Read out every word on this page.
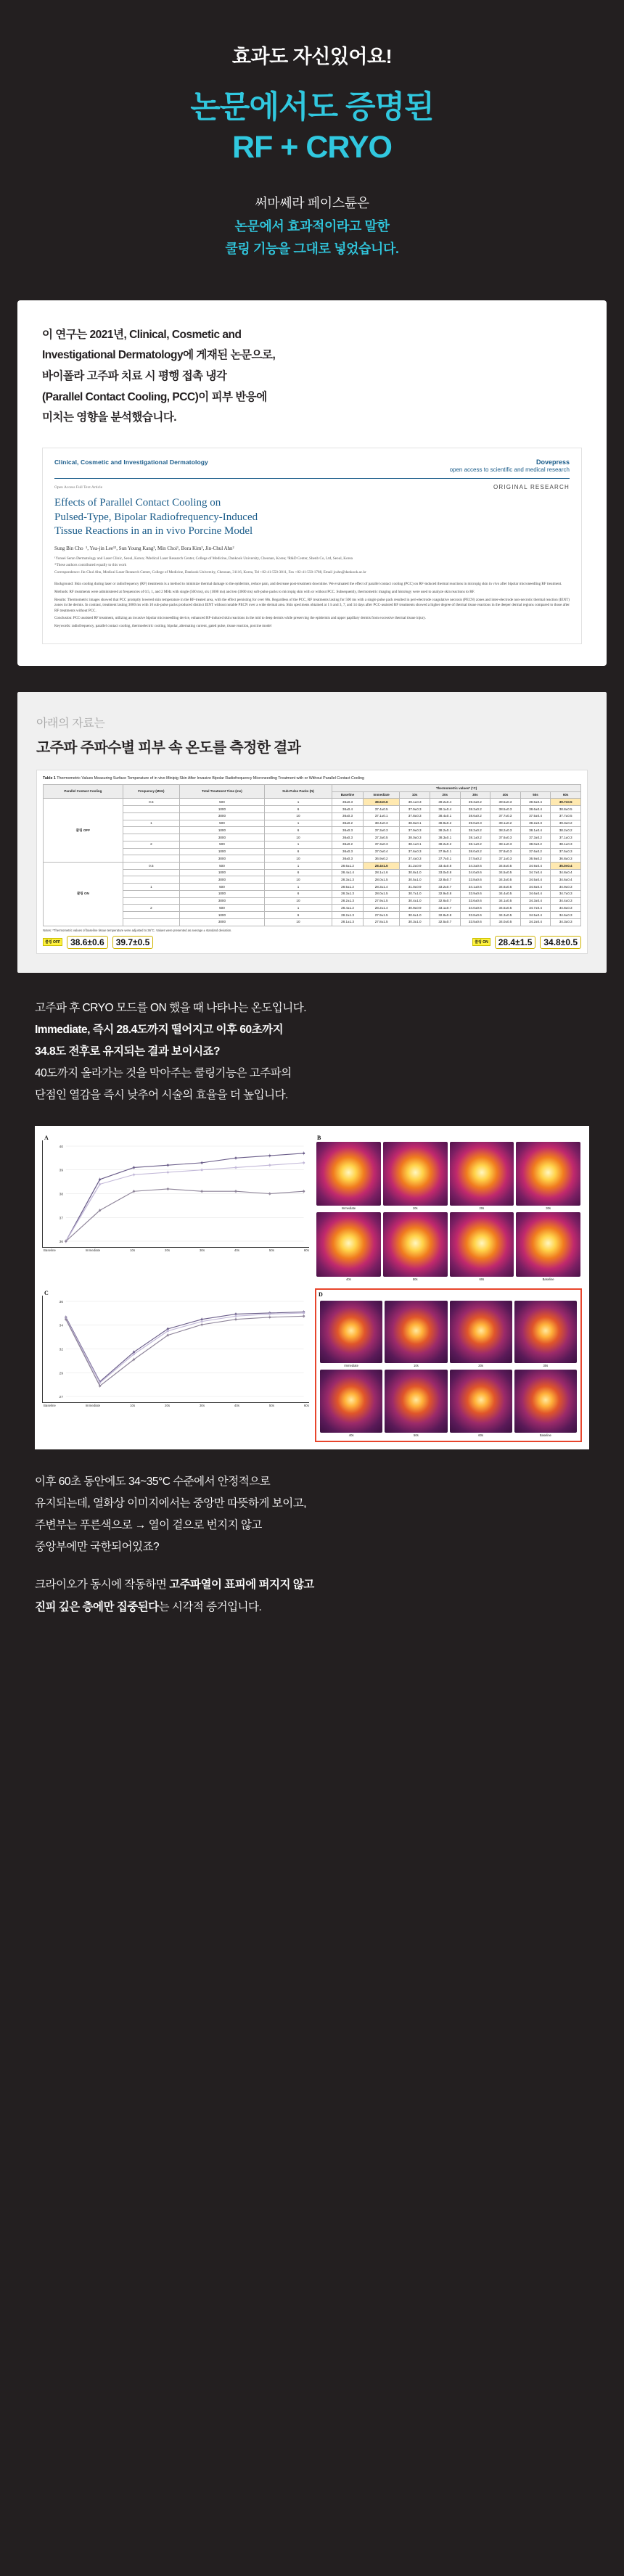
효과도 자신있어요!
논문에서도 증명된
RF + CRYO
써마쎄라 페이스튠은
논문에서 효과적이라고 말한
쿨링 기능을 그대로 넣었습니다.
이 연구는 2021년, Clinical, Cosmetic and
Investigational Dermatology에 게재된 논문으로,
바이폴라 고주파 치료 시 평행 접촉 냉각
(Parallel Contact Cooling, PCC)이 피부 반응에
미치는 영향을 분석했습니다.
Clinical, Cosmetic and Investigational Dermatology	Dovepress
open access to scientific and medical research
Open Access Full Text Article	ORIGINAL RESEARCH
Effects of Parallel Contact Cooling on
Pulsed-Type, Bipolar Radiofrequency-Induced
Tissue Reactions in an in vivo Porcine Model
Sung Bin Cho  ¹, Yea-jin Lee¹², Sun Young Kang³, Min Choi¹, Bora Kim³, Jin-Chul Ahn²

¹Yonsei Seran Dermatology and Laser Clinic, Seoul, Korea; ²Medical Laser Research Center, College of Medicine, Dankook University, Cheonan, Korea; ³R&D Center, Shenb Co, Ltd, Seoul, Korea

*These authors contributed equally to this work

Correspondence: Jin-Chul Ahn, Medical Laser Research Center, College of Medicine, Dankook University, Cheonan, 31116, Korea, Tel +82-41-550-3811, Fax +82-41-550-1788, Email jcahn@dankook.ac.kr

Background: Skin cooling during laser or radiofrequency (RF) treatments is a method to minimize thermal damage to the epidermis, reduce pain, and decrease post-treatment downtime. We evaluated the effect of parallel contact cooling (PCC) on RF-induced thermal reactions in micropig skin in vivo after bipolar microneedling RF treatment.

Methods: RF treatments were administered at frequencies of 0.5, 1, and 2 MHz with single (500 ms), six (1000 ms) and ten (3000 ms) soft-pulse packs to micropig skin with or without PCC. Subsequently, thermometric imaging and histology were used to analyze skin reactions to RF.

Results: Thermometric images showed that PCC promptly lowered skin temperature in the RF-treated area, with the effect persisting for over 60s. Regardless of the PCC, RF treatments lasting for 500 ms with a single pulse pack resulted in peri-electrode coagulative necrosis (PECN) zones and inter-electrode non-necrotic thermal reaction (IENT) zones in the dermis. In contrast, treatment lasting 3000 ms with 10 sub-pulse packs produced distinct IENT without notable PECN over a wide dermal area. Skin specimens obtained at 1 h and 3, 7, and 14 days after PCC-assisted RF treatments showed a higher degree of thermal tissue reactions in the deeper dermal regions compared to those after RF treatments without PCC.

Conclusion: PCC-assisted RF treatment, utilizing an invasive bipolar microneedling device, enhanced RF-induced skin reactions in the mid to deep dermis while preserving the epidermis and upper papillary dermis from excessive thermal tissue injury.

Keywords: radiofrequency, parallel contact cooling, thermoelectric cooling, bipolar, alternating current, gated pulse, tissue reaction, porcine model

아래의 자료는
고주파 주파수별 피부 속 온도를 측정한 결과
Table 1 Thermometric Values Measuring Surface Temperature of in vivo Minipig Skin After Invasive Bipolar Radiofrequency Microneedling Treatment with or Without Parallel Contact Cooling
Parallel Contact Cooling	Frequency (MHz)	Total Treatment Time (ms)	Sub-Pulse Packs (N)	Thermometric values* (°C)							
				Baseline	Immediate	10s	20s	30s	40s	50s	60s
쿨링 OFF	0.5	500	1	36±0.3	38.6±0.6	39.1±0.3	39.2±0.4	39.3±0.2	39.5±0.3	39.6±0.4	39.7±0.5
		1000	6	36±0.4	37.4±0.5	37.9±0.3	38.1±0.4	38.3±0.2	38.5±0.3	38.6±0.4	38.8±0.5
		3000	10	36±0.3	37.1±0.1	37.8±0.3	38.4±0.1	38.6±0.2	37.7±0.3	37.5±0.4	37.7±0.5
	1	500	1	36±0.2	38.4±0.3	38.8±0.1	38.9±0.2	39.0±0.3	39.1±0.2	39.2±0.3	39.3±0.2
		1000	6	36±0.3	37.3±0.3	37.9±0.3	38.2±0.1	38.3±0.2	38.2±0.3	38.1±0.4	38.2±0.2
		3000	10	36±0.3	37.3±0.5	38.0±0.3	38.3±0.1	38.1±0.2	37.6±0.3	37.3±0.2	37.1±0.3
	2	500	1	36±0.2	37.3±0.3	38.1±0.1	38.2±0.2	38.1±0.2	38.1±0.3	38.0±0.2	38.1±0.3
		1000	6	36±0.3	37.0±0.4	37.6±0.3	37.9±0.1	38.0±0.2	37.8±0.3	37.6±0.2	37.5±0.3
		3000	10	36±0.3	36.9±0.2	37.4±0.3	37.7±0.1	37.5±0.2	37.1±0.3	36.9±0.2	36.8±0.3
쿨링 ON	0.5	500	1	28.6±1.2	28.4±1.5	31.2±0.9	33.4±0.8	34.3±0.6	34.8±0.5	34.9±0.4	35.0±0.4
		1000	6	28.4±1.4	28.1±1.6	30.8±1.0	33.0±0.8	34.0±0.6	34.5±0.5	34.7±0.4	34.8±0.4
		3000	10	28.3±1.3	28.0±1.5	30.5±1.0	32.8±0.7	33.8±0.6	34.3±0.5	34.5±0.4	34.6±0.4
	1	500	1	28.5±1.2	28.3±1.4	31.0±0.9	33.2±0.7	34.1±0.6	34.6±0.5	34.8±0.4	34.9±0.3
		1000	6	28.3±1.3	28.0±1.5	30.7±1.0	32.9±0.8	33.9±0.6	34.4±0.5	34.6±0.4	34.7±0.3
		3000	10	28.2±1.3	27.9±1.5	30.4±1.0	32.6±0.7	33.6±0.6	34.1±0.5	34.3±0.4	34.4±0.3
	2	500	1	28.4±1.2	28.2±1.4	30.9±0.9	33.1±0.7	34.0±0.6	34.5±0.5	34.7±0.4	34.8±0.3
		1000	6	28.2±1.3	27.9±1.5	30.6±1.0	32.8±0.8	33.8±0.6	34.3±0.5	34.5±0.4	34.6±0.3
		3000	10	28.1±1.3	27.8±1.5	30.3±1.0	32.5±0.7	33.5±0.6	34.0±0.5	34.2±0.4	34.3±0.3
Notes: *Thermometric values of baseline tissue temperature were adjusted to 36°C. Values were presented as average ± standard deviation.
쿨링 OFF	38.6±0.6	39.7±0.5	쿨링 ON	28.4±1.5	34.8±0.5

고주파 후 CRYO 모드를 ON 했을 때 나타나는 온도입니다.

Immediate, 즉시 28.4도까지 떨어지고 이후 60초까지

34.8도 전후로 유지되는 결과 보이시죠?

40도까지 올라가는 것을 막아주는 쿨링기능은 고주파의

단점인 열감을 즉시 낮추어 시술의 효율을 더 높입니다.

A
40
39
38
37
36
Baseline	Immediate	10s	20s	30s	40s	50s	60s
B
Immediate	10s	20s	30s
40s	50s	60s	Baseline
C
36
34
32
29
27
Baseline	Immediate	10s	20s	30s	40s	50s	60s
D
Immediate	10s	20s	30s
40s	50s	60s	Baseline

이후 60초 동안에도 34~35°C 수준에서 안정적으로

유지되는데, 열화상 이미지에서는 중앙만 따뜻하게 보이고,

주변부는 푸른색으로 → 열이 겉으로 번지지 않고

중앙부에만 국한되어있죠?

크라이오가 동시에 작동하면 고주파열이 표피에 퍼지지 않고

진피 깊은 층에만 집중된다는 시각적 증거입니다.
